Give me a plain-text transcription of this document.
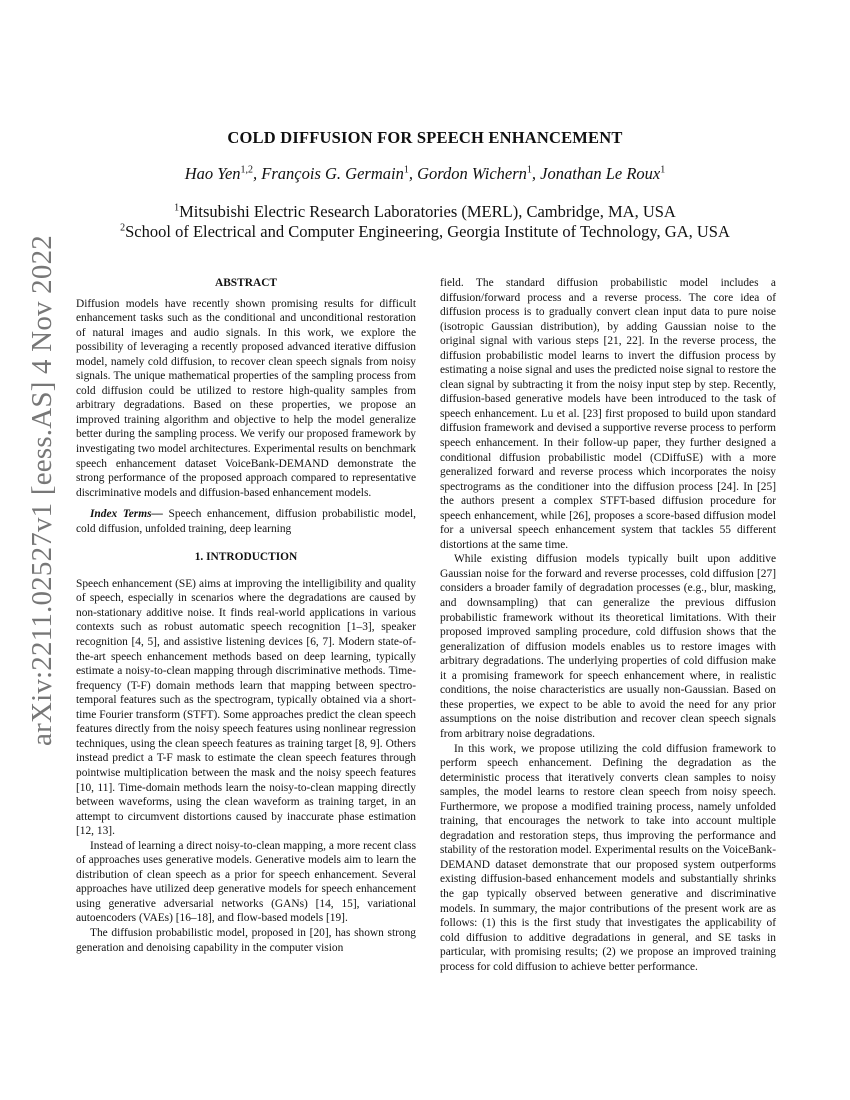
arXiv:2211.02527v1 [eess.AS] 4 Nov 2022
COLD DIFFUSION FOR SPEECH ENHANCEMENT
Hao Yen$^{1,2}$, François G. Germain$^1$, Gordon Wichern$^1$, Jonathan Le Roux$^1$
$^1$Mitsubishi Electric Research Laboratories (MERL), Cambridge, MA, USA
$^2$School of Electrical and Computer Engineering, Georgia Institute of Technology, GA, USA
ABSTRACT

Diffusion models have recently shown promising results for difficult enhancement tasks such as the conditional and unconditional restoration of natural images and audio signals. In this work, we explore the possibility of leveraging a recently proposed advanced iterative diffusion model, namely cold diffusion, to recover clean speech signals from noisy signals. The unique mathematical properties of the sampling process from cold diffusion could be utilized to restore high-quality samples from arbitrary degradations. Based on these properties, we propose an improved training algorithm and objective to help the model generalize better during the sampling process. We verify our proposed framework by investigating two model architectures. Experimental results on benchmark speech enhancement dataset VoiceBank-DEMAND demonstrate the strong performance of the proposed approach compared to representative discriminative models and diffusion-based enhancement models.

Index Terms— Speech enhancement, diffusion probabilistic model, cold diffusion, unfolded training, deep learning

1. INTRODUCTION

Speech enhancement (SE) aims at improving the intelligibility and quality of speech, especially in scenarios where the degradations are caused by non-stationary additive noise. It finds real-world applications in various contexts such as robust automatic speech recognition [1–3], speaker recognition [4, 5], and assistive listening devices [6, 7]. Modern state-of-the-art speech enhancement methods based on deep learning, typically estimate a noisy-to-clean mapping through discriminative methods. Time-frequency (T-F) domain methods learn that mapping between spectro-temporal features such as the spectrogram, typically obtained via a short-time Fourier transform (STFT). Some approaches predict the clean speech features directly from the noisy speech features using nonlinear regression techniques, using the clean speech features as training target [8, 9]. Others instead predict a T-F mask to estimate the clean speech features through pointwise multiplication between the mask and the noisy speech features [10, 11]. Time-domain methods learn the noisy-to-clean mapping directly between waveforms, using the clean waveform as training target, in an attempt to circumvent distortions caused by inaccurate phase estimation [12, 13].

Instead of learning a direct noisy-to-clean mapping, a more recent class of approaches uses generative models. Generative models aim to learn the distribution of clean speech as a prior for speech enhancement. Several approaches have utilized deep generative models for speech enhancement using generative adversarial networks (GANs) [14, 15], variational autoencoders (VAEs) [16–18], and flow-based models [19].

The diffusion probabilistic model, proposed in [20], has shown strong generation and denoising capability in the computer vision

field. The standard diffusion probabilistic model includes a diffusion/forward process and a reverse process. The core idea of diffusion process is to gradually convert clean input data to pure noise (isotropic Gaussian distribution), by adding Gaussian noise to the original signal with various steps [21, 22]. In the reverse process, the diffusion probabilistic model learns to invert the diffusion process by estimating a noise signal and uses the predicted noise signal to restore the clean signal by subtracting it from the noisy input step by step. Recently, diffusion-based generative models have been introduced to the task of speech enhancement. Lu et al. [23] first proposed to build upon standard diffusion framework and devised a supportive reverse process to perform speech enhancement. In their follow-up paper, they further designed a conditional diffusion probabilistic model (CDiffuSE) with a more generalized forward and reverse process which incorporates the noisy spectrograms as the conditioner into the diffusion process [24]. In [25] the authors present a complex STFT-based diffusion procedure for speech enhancement, while [26], proposes a score-based diffusion model for a universal speech enhancement system that tackles 55 different distortions at the same time.

While existing diffusion models typically built upon additive Gaussian noise for the forward and reverse processes, cold diffusion [27] considers a broader family of degradation processes (e.g., blur, masking, and downsampling) that can generalize the previous diffusion probabilistic framework without its theoretical limitations. With their proposed improved sampling procedure, cold diffusion shows that the generalization of diffusion models enables us to restore images with arbitrary degradations. The underlying properties of cold diffusion make it a promising framework for speech enhancement where, in realistic conditions, the noise characteristics are usually non-Gaussian. Based on these properties, we expect to be able to avoid the need for any prior assumptions on the noise distribution and recover clean speech signals from arbitrary noise degradations.

In this work, we propose utilizing the cold diffusion framework to perform speech enhancement. Defining the degradation as the deterministic process that iteratively converts clean samples to noisy samples, the model learns to restore clean speech from noisy speech. Furthermore, we propose a modified training process, namely unfolded training, that encourages the network to take into account multiple degradation and restoration steps, thus improving the performance and stability of the restoration model. Experimental results on the VoiceBank-DEMAND dataset demonstrate that our proposed system outperforms existing diffusion-based enhancement models and substantially shrinks the gap typically observed between generative and discriminative models. In summary, the major contributions of the present work are as follows: (1) this is the first study that investigates the applicability of cold diffusion to additive degradations in general, and SE tasks in particular, with promising results; (2) we propose an improved training process for cold diffusion to achieve better performance.
